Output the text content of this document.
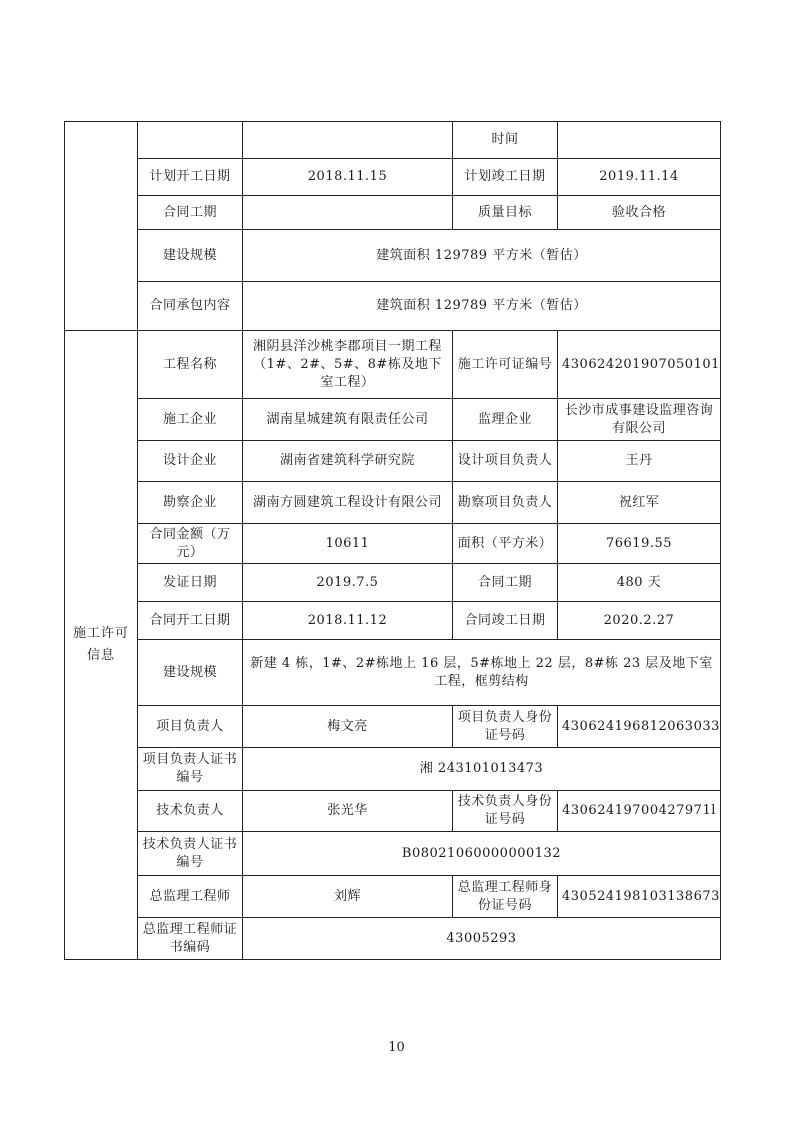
			时间	
	计划开工日期	2018.11.15	计划竣工日期	2019.11.14
	合同工期		质量目标	验收合格
	建设规模	建筑面积 129789 平方米（暂估）		
	合同承包内容	建筑面积 129789 平方米（暂估）		
施工许可信息	工程名称	湘阴县洋沙桃李郡项目一期工程（1#、2#、5#、8#栋及地下室工程）	施工许可证编号	430624201907050101
	施工企业	湖南星城建筑有限责任公司	监理企业	长沙市成事建设监理咨询有限公司
	设计企业	湖南省建筑科学研究院	设计项目负责人	王丹
	勘察企业	湖南方圆建筑工程设计有限公司	勘察项目负责人	祝红军
	合同金额（万元）	10611	面积（平方米）	76619.55
	发证日期	2019.7.5	合同工期	480 天
	合同开工日期	2018.11.12	合同竣工日期	2020.2.27
	建设规模	新建 4 栋，1#、2#栋地上 16 层，5#栋地上 22 层，8#栋 23 层及地下室工程，框剪结构		
	项目负责人	梅文亮	项目负责人身份证号码	430624196812063033
	项目负责人证书编号	湘 243101013473		
	技术负责人	张光华	技术负责人身份证号码	43062419700427971l
	技术负责人证书编号	B08021060000000132		
	总监理工程师	刘辉	总监理工程师身份证号码	430524198103138673
	总监理工程师证书编码	43005293		
10
